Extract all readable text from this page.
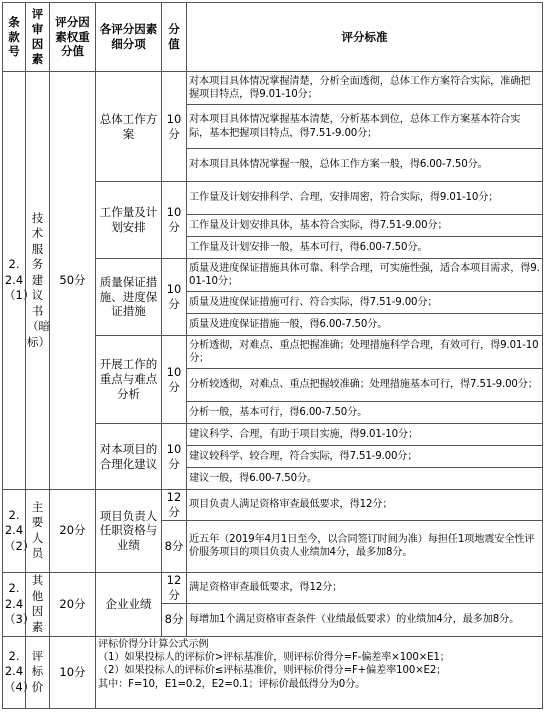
条款号	评审因素	评分因素权重分值	各评分因素细分项	分值	评分标准
2.2.4（1）	技术服务建议书（暗标）	50分	总体工作方案	10分	对本项目具体情况掌握清楚，分析全面透彻，总体工作方案符合实际，准确把握项目特点，得9.01-10分；
					对本项目具体情况掌握基本清楚，分析基本到位，总体工作方案基本符合实际，基本把握项目特点，得7.51-9.00分；
					对本项目具体情况掌握一般，总体工作方案一般，得6.00-7.50分。
			工作量及计划安排	10分	工作量及计划安排科学、合理，安排周密，符合实际，得9.01-10分；
					工作量及计划安排具体，基本符合实际，得7.51-9.00分；
					工作量及计划安排一般，基本可行，得6.00-7.50分。
			质量保证措施、进度保证措施	10分	质量及进度保证措施具体可靠、科学合理，可实施性强，适合本项目需求，得9.01-10分；
					质量及进度保证措施可行、符合实际，得7.51-9.00分；
					质量及进度保证措施一般，得6.00-7.50分。
			开展工作的重点与难点分析	10分	分析透彻，对难点、重点把握准确；处理措施科学合理，有效可行，得9.01-10分；
					分析较透彻，对难点、重点把握较准确；处理措施基本可行，得7.51-9.00分；
					分析一般，基本可行，得6.00-7.50分。
			对本项目的合理化建议	10分	建议科学、合理，有助于项目实施，得9.01-10分；
					建议较科学、较合理，符合实际，得7.51-9.00分；
					建议一般，得6.00-7.50分。
2.2.4（2）	主要人员	20分	项目负责人任职资格与业绩	12分	项目负责人满足资格审查最低要求，得12分；
				8分	近五年（2019年4月1日至今，以合同签订时间为准）每担任1项地震安全性评价服务项目的项目负责人业绩加4分，最多加8分。
2.2.4（3）	其他因素	20分	企业业绩	12分	满足资格审查最低要求，得12分；
				8分	每增加1个满足资格审查条件（业绩最低要求）的业绩加4分，最多加8分。
2.2.4（4）	评标价	10分	评标价得分计算公式示例
（1）如果投标人的评标价>评标基准价，则评标价得分=F-偏差率×100×E1；
（2）如果投标人的评标价≤评标基准价，则评标价得分=F+偏差率100×E2；
其中：F=10，E1=0.2，E2=0.1；评标价最低得分为0分。		
